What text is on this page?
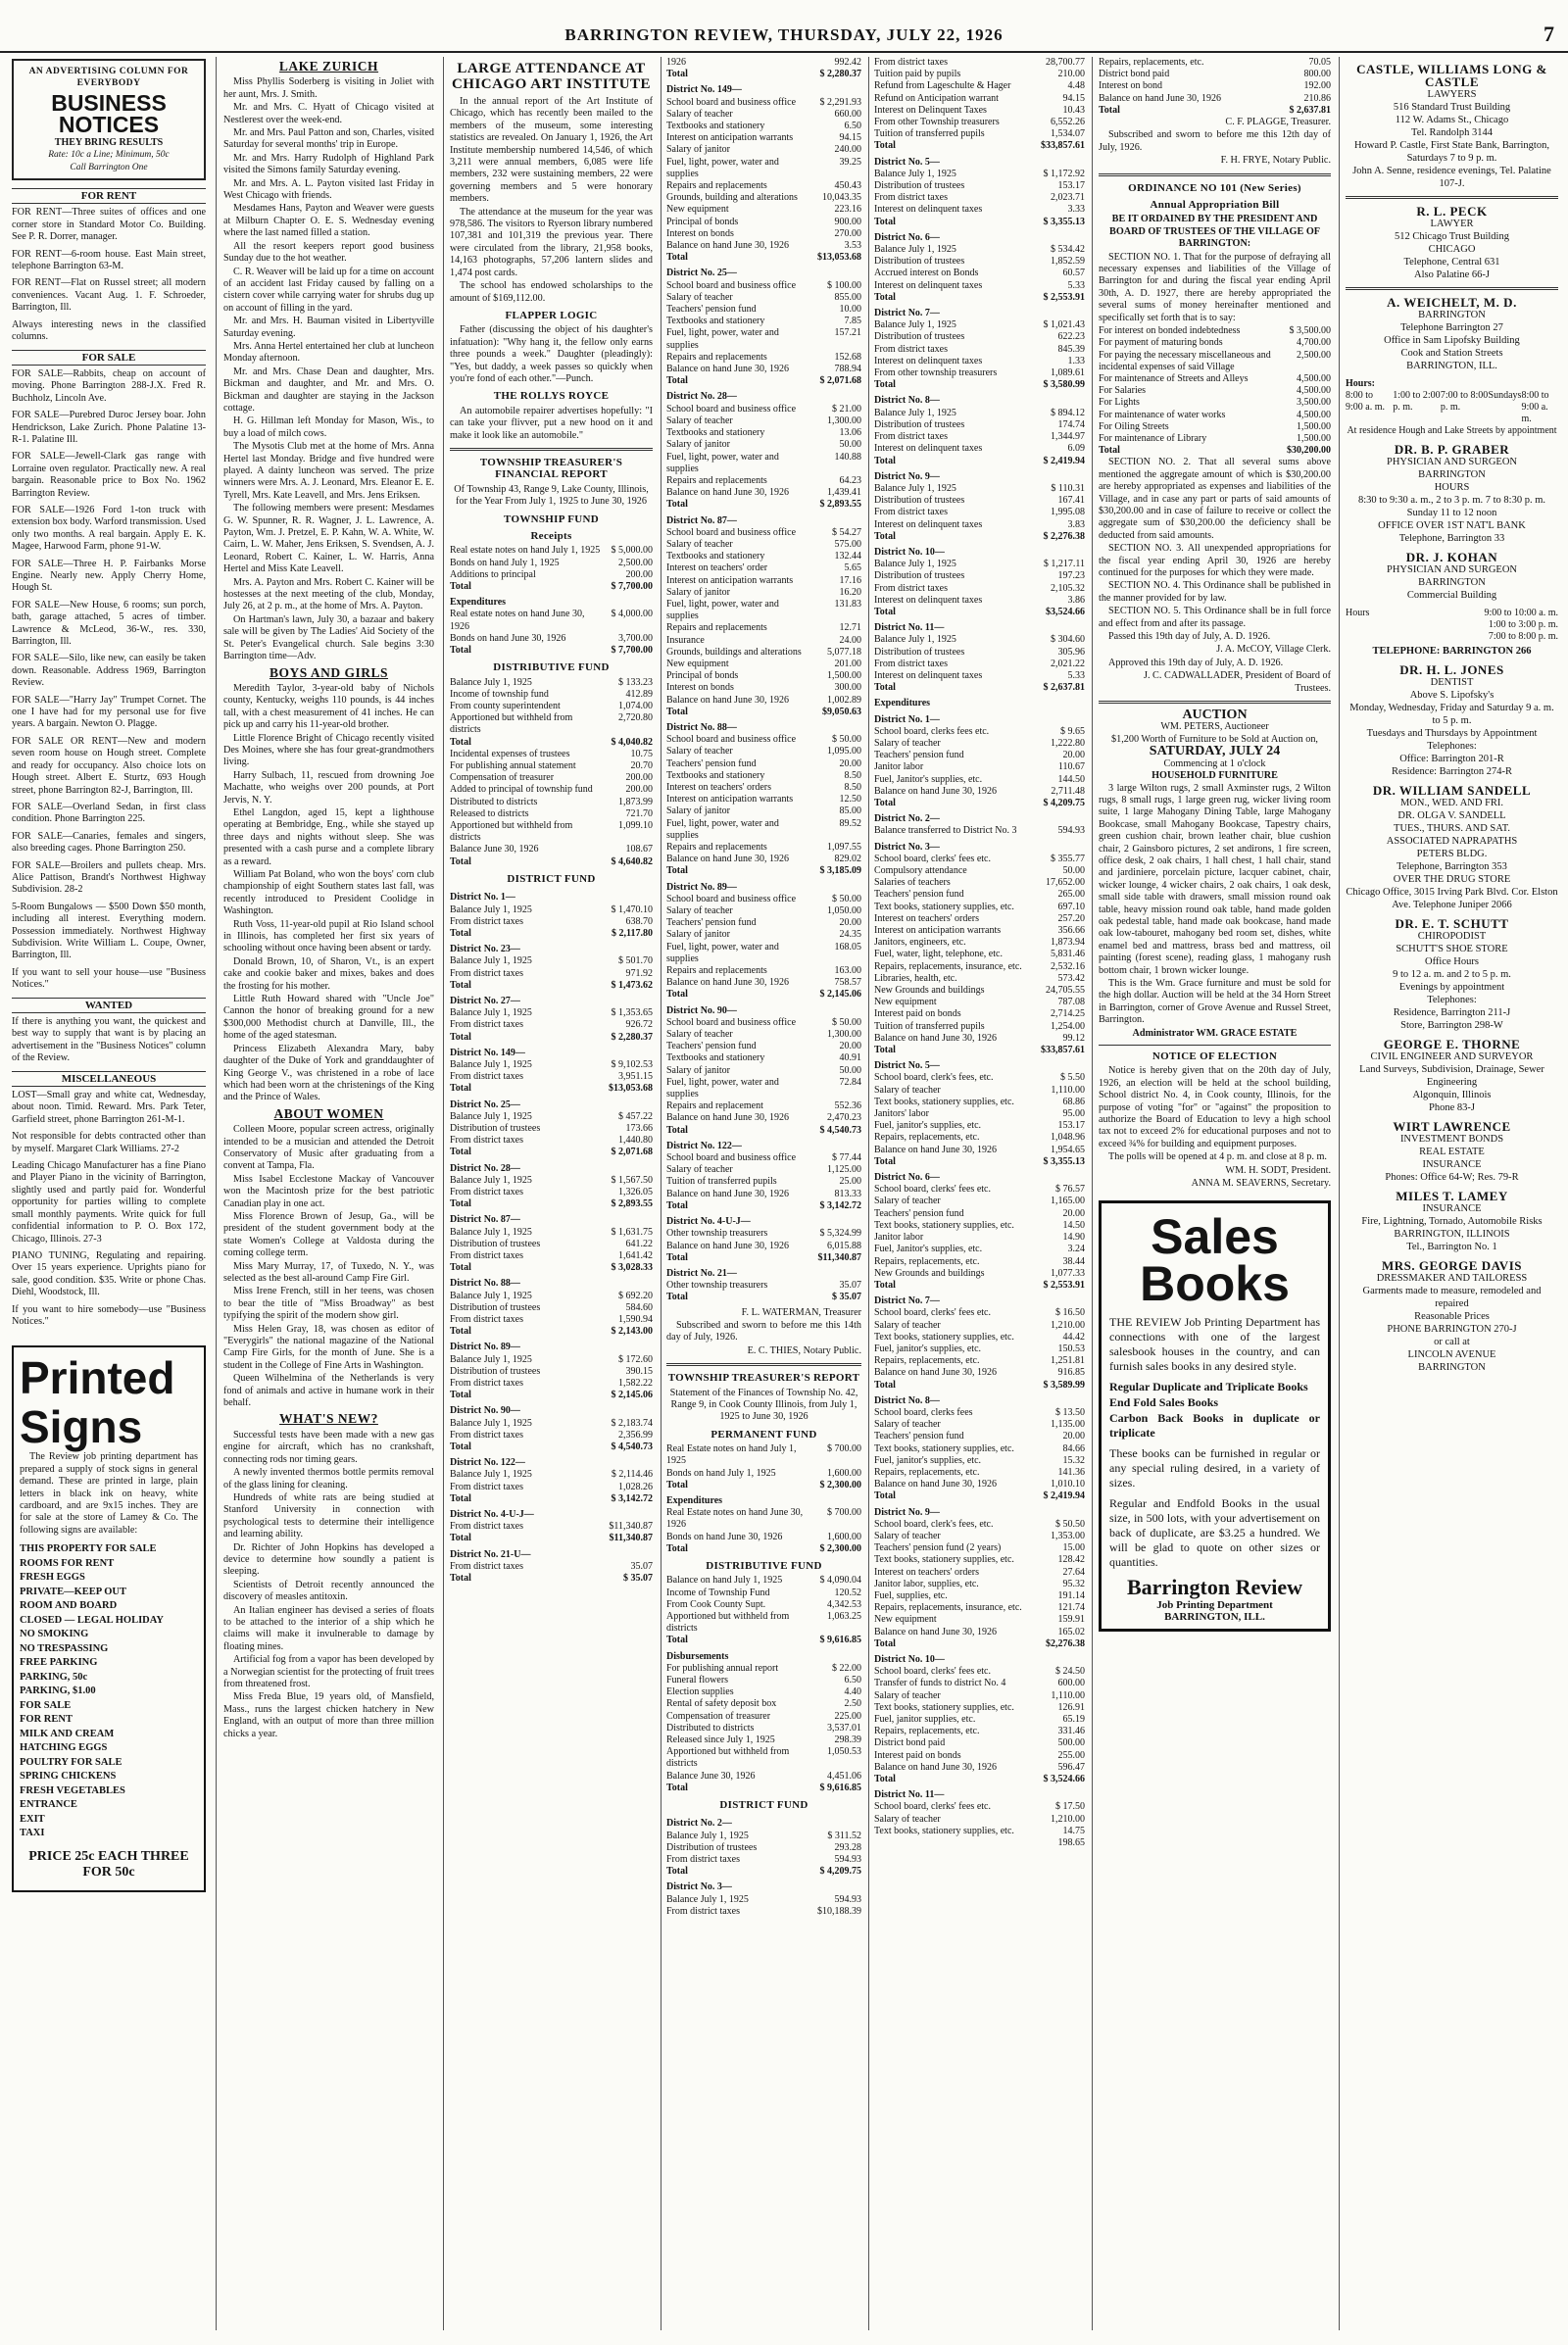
BARRINGTON REVIEW, THURSDAY, JULY 22, 1926	7
AN ADVERTISING COLUMN FOR EVERYBODY
BUSINESS NOTICES
THEY BRING RESULTS
Rate: 10c a Line; Minimum, 50c
Call Barrington One
FOR RENT
FOR RENT—Three suites of offices and one corner store in Standard Motor Co. Building. See P. R. Dorrer, manager.
FOR RENT—6-room house. East Main street, telephone Barrington 63-M.
FOR RENT—Flat on Russel street; all modern conveniences. Vacant Aug. 1. F. Schroeder, Barrington, Ill.
Always interesting news in the classified columns.
FOR SALE
FOR SALE—Rabbits, cheap on account of moving. Phone Barrington 288-J.X. Fred R. Buchholz, Lincoln Ave.
FOR SALE—Purebred Duroc Jersey boar. John Hendrickson, Lake Zurich. Phone Palatine 13-R-1. Palatine Ill.
FOR SALE—Jewell-Clark gas range with Lorraine oven regulator. Practically new. A real bargain. Reasonable price to Box No. 1962 Barrington Review.
FOR SALE—1926 Ford 1-ton truck with extension box body. Warford transmission. Used only two months. A real bargain. Apply E. K. Magee, Harwood Farm, phone 91-W.
FOR SALE—Three H. P. Fairbanks Morse Engine. Nearly new. Apply Cherry Home, Hough St.
FOR SALE—New House, 6 rooms; sun porch, bath, garage attached, 5 acres of timber. Lawrence & McLeod, 36-W., res. 330, Barrington, Ill.
FOR SALE—Silo, like new, can easily be taken down. Reasonable. Address 1969, Barrington Review.
FOR SALE—"Harry Jay" Trumpet Cornet. The one I have had for my personal use for five years. A bargain. Newton O. Plagge.
FOR SALE OR RENT—New and modern seven room house on Hough street. Complete and ready for occupancy. Also choice lots on Hough street. Albert E. Sturtz, 693 Hough street, phone Barrington 82-J, Barrington, Ill.
FOR SALE—Overland Sedan, in first class condition. Phone Barrington 225.
FOR SALE—Canaries, females and singers, also breeding cages. Phone Barrington 250.
FOR SALE—Broilers and pullets cheap. Mrs. Alice Pattison, Brandt's Northwest Highway Subdivision. 28-2
5-Room Bungalows — $500 Down $50 month, including all interest. Everything modern. Possession immediately. Northwest Highway Subdivision. Write William L. Coupe, Owner, Barrington, Ill.
If you want to sell your house—use "Business Notices."
WANTED
If there is anything you want, the quickest and best way to supply that want is by placing an advertisement in the "Business Notices" column of the Review.
MISCELLANEOUS
LOST—Small gray and white cat, Wednesday, about noon. Timid. Reward. Mrs. Park Teter, Garfield street, phone Barrington 261-M-1.
Not responsible for debts contracted other than by myself. Margaret Clark Williams. 27-2
Leading Chicago Manufacturer has a fine Piano and Player Piano in the vicinity of Barrington, slightly used and partly paid for. Wonderful opportunity for parties willing to complete small monthly payments. Write quick for full confidential information to P. O. Box 172, Chicago, Illinois. 27-3
PIANO TUNING, Regulating and repairing. Over 15 years experience. Uprights piano for sale, good condition. $35. Write or phone Chas. Diehl, Woodstock, Ill.
If you want to hire somebody—use "Business Notices."
Printed
Signs

The Review job printing department has prepared a supply of stock signs in general demand. These are printed in large, plain letters in black ink on heavy, white cardboard, and are 9x15 inches. They are for sale at the store of Lamey & Co. The following signs are available:

THIS PROPERTY FOR SALE
ROOMS FOR RENT
FRESH EGGS
PRIVATE—KEEP OUT
ROOM AND BOARD
CLOSED — LEGAL HOLIDAY
NO SMOKING
NO TRESPASSING
FREE PARKING
PARKING, 50c
PARKING, $1.00
FOR SALE
FOR RENT
MILK AND CREAM
HATCHING EGGS
POULTRY FOR SALE
SPRING CHICKENS
FRESH VEGETABLES
ENTRANCE
EXIT
TAXI
PRICE 25c EACH THREE FOR 50c
LAKE ZURICH

Miss Phyllis Soderberg is visiting in Joliet with her aunt, Mrs. J. Smith.

Mr. and Mrs. C. Hyatt of Chicago visited at Nestlerest over the week-end.

Mr. and Mrs. Paul Patton and son, Charles, visited Saturday for several months' trip in Europe.

Mr. and Mrs. Harry Rudolph of Highland Park visited the Simons family Saturday evening.

Mr. and Mrs. A. L. Payton visited last Friday in West Chicago with friends.

Mesdames Hans, Payton and Weaver were guests at Milburn Chapter O. E. S. Wednesday evening where the last named filled a station.

All the resort keepers report good business Sunday due to the hot weather.

C. R. Weaver will be laid up for a time on account of an accident last Friday caused by falling on a cistern cover while carrying water for shrubs dug up on account of filling in the yard.

Mr. and Mrs. H. Bauman visited in Libertyville Saturday evening.

Mrs. Anna Hertel entertained her club at luncheon Monday afternoon.

Mr. and Mrs. Chase Dean and daughter, Mrs. Bickman and daughter, and Mr. and Mrs. O. Bickman and daughter are staying in the Jackson cottage.

H. G. Hillman left Monday for Mason, Wis., to buy a load of milch cows.

The Mysotis Club met at the home of Mrs. Anna Hertel last Monday. Bridge and five hundred were played. A dainty luncheon was served. The prize winners were Mrs. A. J. Leonard, Mrs. Eleanor E. E. Tyrell, Mrs. Kate Leavell, and Mrs. Jens Eriksen.

The following members were present: Mesdames G. W. Spunner, R. R. Wagner, J. L. Lawrence, A. Payton, Wm. J. Pretzel, E. P. Kahn, W. A. White, W. Cairn, L. W. Maher, Jens Eriksen, S. Svendsen, A. J. Leonard, Robert C. Kainer, L. W. Harris, Anna Hertel and Miss Kate Leavell.

Mrs. A. Payton and Mrs. Robert C. Kainer will be hostesses at the next meeting of the club, Monday, July 26, at 2 p. m., at the home of Mrs. A. Payton.

On Hartman's lawn, July 30, a bazaar and bakery sale will be given by The Ladies' Aid Society of the St. Peter's Evangelical church. Sale begins 3:30 Barrington time—Adv.

BOYS AND GIRLS

Meredith Taylor, 3-year-old baby of Nichols county, Kentucky, weighs 110 pounds, is 44 inches tall, with a chest measurement of 41 inches. He can pick up and carry his 11-year-old brother.

Little Florence Bright of Chicago recently visited Des Moines, where she has four great-grandmothers living.

Harry Sulbach, 11, rescued from drowning Joe Machatte, who weighs over 200 pounds, at Port Jervis, N. Y.

Ethel Langdon, aged 15, kept a lighthouse operating at Bembridge, Eng., while she stayed up three days and nights without sleep. She was presented with a cash purse and a complete library as a reward.

William Pat Boland, who won the boys' corn club championship of eight Southern states last fall, was recently introduced to President Coolidge in Washington.

Ruth Voss, 11-year-old pupil at Rio Island school in Illinois, has completed her first six years of schooling without once having been absent or tardy.

Donald Brown, 10, of Sharon, Vt., is an expert cake and cookie baker and mixes, bakes and does the frosting for his mother.

Little Ruth Howard shared with "Uncle Joe" Cannon the honor of breaking ground for a new $300,000 Methodist church at Danville, Ill., the home of the aged statesman.

Princess Elizabeth Alexandra Mary, baby daughter of the Duke of York and granddaughter of King George V., was christened in a robe of lace which had been worn at the christenings of the King and the Prince of Wales.

ABOUT WOMEN

Colleen Moore, popular screen actress, originally intended to be a musician and attended the Detroit Conservatory of Music after graduating from a convent at Tampa, Fla.

Miss Isabel Ecclestone Mackay of Vancouver won the Macintosh prize for the best patriotic Canadian play in one act.

Miss Florence Brown of Jesup, Ga., will be president of the student government body at the state Women's College at Valdosta during the coming college term.

Miss Mary Murray, 17, of Tuxedo, N. Y., was selected as the best all-around Camp Fire Girl.

Miss Irene French, still in her teens, was chosen to bear the title of "Miss Broadway" as best typifying the spirit of the modern show girl.

Miss Helen Gray, 18, was chosen as editor of "Everygirls" the national magazine of the National Camp Fire Girls, for the month of June. She is a student in the College of Fine Arts in Washington.

Queen Wilhelmina of the Netherlands is very fond of animals and active in humane work in their behalf.

WHAT'S NEW?

Successful tests have been made with a new gas engine for aircraft, which has no crankshaft, connecting rods nor timing gears.

A newly invented thermos bottle permits removal of the glass lining for cleaning.

Hundreds of white rats are being studied at Stanford University in connection with psychological tests to determine their intelligence and learning ability.

Dr. Richter of John Hopkins has developed a device to determine how soundly a patient is sleeping.

Scientists of Detroit recently announced the discovery of measles antitoxin.

An Italian engineer has devised a series of floats to be attached to the interior of a ship which he claims will make it invulnerable to damage by floating mines.

Artificial fog from a vapor has been developed by a Norwegian scientist for the protecting of fruit trees from threatened frost.

Miss Freda Blue, 19 years old, of Mansfield, Mass., runs the largest chicken hatchery in New England, with an output of more than three million chicks a year.

LARGE ATTENDANCE AT CHICAGO ART INSTITUTE

In the annual report of the Art Institute of Chicago, which has recently been mailed to the members of the museum, some interesting statistics are revealed. On January 1, 1926, the Art Institute membership numbered 14,546, of which 3,211 were annual members, 6,085 were life members, 232 were sustaining members, 22 were governing members and 5 were honorary members.

The attendance at the museum for the year was 978,586. The visitors to Ryerson library numbered 107,381 and 101,319 the previous year. There were circulated from the library, 21,958 books, 14,163 photographs, 57,206 lantern slides and 1,474 post cards.

The school has endowed scholarships to the amount of $169,112.00.

FLAPPER LOGIC

Father (discussing the object of his daughter's infatuation): "Why hang it, the fellow only earns three pounds a week." Daughter (pleadingly): "Yes, but daddy, a week passes so quickly when you're fond of each other."—Punch.

THE ROLLYS ROYCE

An automobile repairer advertises hopefully: "I can take your flivver, put a new hood on it and make it look like an automobile."

TOWNSHIP TREASURER'S FINANCIAL REPORT

Of Township 43, Range 9, Lake County, Illinois, for the Year From July 1, 1925 to June 30, 1926

TOWNSHIP FUND
Receipts
Real estate notes on hand July 1, 1925	$ 5,000.00
Bonds on hand July 1, 1925	2,500.00
Additions to principal	200.00
Total	$ 7,700.00
Expenditures	
Real estate notes on hand June 30, 1926	$ 4,000.00
Bonds on hand June 30, 1926	3,700.00
Total	$ 7,700.00
DISTRIBUTIVE FUND
Balance July 1, 1925	$ 133.23
Income of township fund	412.89
From county superintendent	1,074.00
Apportioned but withheld from districts	2,720.80
Total	$ 4,040.82
Incidental expenses of trustees	10.75
For publishing annual statement	20.70
Compensation of treasurer	200.00
Added to principal of township fund	200.00
Distributed to districts	1,873.99
Released to districts	721.70
Apportioned but withheld from districts	1,099.10
Balance June 30, 1926	108.67
Total	$ 4,640.82
DISTRICT FUND
District No. 1—	
Balance July 1, 1925	$ 1,470.10
From district taxes	638.70
Total	$ 2,117.80
District No. 23—	
Balance July 1, 1925	$ 501.70
From district taxes	971.92
Total	$ 1,473.62
District No. 27—	
Balance July 1, 1925	$ 1,353.65
From district taxes	926.72
Total	$ 2,280.37
District No. 149—	
Balance July 1, 1925	$ 9,102.53
From district taxes	3,951.15
Total	$13,053.68
District No. 25—	
Balance July 1, 1925	$ 457.22
Distribution of trustees	173.66
From district taxes	1,440.80
Total	$ 2,071.68
District No. 28—	
Balance July 1, 1925	$ 1,567.50
From district taxes	1,326.05
Total	$ 2,893.55
District No. 87—	
Balance July 1, 1925	$ 1,631.75
Distribution of trustees	641.22
From district taxes	1,641.42
Total	$ 3,028.33
District No. 88—	
Balance July 1, 1925	$ 692.20
Distribution of trustees	584.60
From district taxes	1,590.94
Total	$ 2,143.00
District No. 89—	
Balance July 1, 1925	$ 172.60
Distribution of trustees	390.15
From district taxes	1,582.22
Total	$ 2,145.06
District No. 90—	
Balance July 1, 1925	$ 2,183.74
From district taxes	2,356.99
Total	$ 4,540.73
District No. 122—	
Balance July 1, 1925	$ 2,114.46
From district taxes	1,028.26
Total	$ 3,142.72
District No. 4-U-J—	
From district taxes	$11,340.87
Total	$11,340.87
District No. 21-U—	
From district taxes	35.07
Total	$ 35.07
1926	992.42
Total	$ 2,280.37
District No. 149—	
School board and business office	$ 2,291.93
Salary of teacher	660.00
Textbooks and stationery	6.50
Interest on anticipation warrants	94.15
Salary of janitor	240.00
Fuel, light, power, water and supplies	39.25
Repairs and replacements	450.43
Grounds, building and alterations	10,043.35
New equipment	223.16
Principal of bonds	900.00
Interest on bonds	270.00
Balance on hand June 30, 1926	3.53
Total	$13,053.68
District No. 25—	
School board and business office	$ 100.00
Salary of teacher	855.00
Teachers' pension fund	10.00
Textbooks and stationery	7.85
Fuel, light, power, water and supplies	157.21
Repairs and replacements	152.68
Balance on hand June 30, 1926	788.94
Total	$ 2,071.68
District No. 28—	
School board and business office	$ 21.00
Salary of teacher	1,300.00
Textbooks and stationery	13.06
Salary of janitor	50.00
Fuel, light, power, water and supplies	140.88
Repairs and replacements	64.23
Balance on hand June 30, 1926	1,439.41
Total	$ 2,893.55
District No. 87—	
School board and business office	$ 54.27
Salary of teacher	575.00
Textbooks and stationery	132.44
Interest on teachers' order	5.65
Interest on anticipation warrants	17.16
Salary of janitor	16.20
Fuel, light, power, water and supplies	131.83
Repairs and replacements	12.71
Insurance	24.00
Grounds, buildings and alterations	5,077.18
New equipment	201.00
Principal of bonds	1,500.00
Interest on bonds	300.00
Balance on hand June 30, 1926	1,002.89
Total	$9,050.63
District No. 88—	
School board and business office	$ 50.00
Salary of teacher	1,095.00
Teachers' pension fund	20.00
Textbooks and stationery	8.50
Interest on teachers' orders	8.50
Interest on anticipation warrants	12.50
Salary of janitor	85.00
Fuel, light, power, water and supplies	89.52
Repairs and replacements	1,097.55
Balance on hand June 30, 1926	829.02
Total	$ 3,185.09
District No. 89—	
School board and business office	$ 50.00
Salary of teacher	1,050.00
Teachers' pension fund	20.00
Salary of janitor	24.35
Fuel, light, power, water and supplies	168.05
Repairs and replacements	163.00
Balance on hand June 30, 1926	758.57
Total	$ 2,145.06
District No. 90—	
School board and business office	$ 50.00
Salary of teacher	1,300.00
Teachers' pension fund	20.00
Textbooks and stationery	40.91
Salary of janitor	50.00
Fuel, light, power, water and supplies	72.84
Repairs and replacement	552.36
Balance on hand June 30, 1926	2,470.23
Total	$ 4,540.73
District No. 122—	
School board and business office	$ 77.44
Salary of teacher	1,125.00
Tuition of transferred pupils	25.00
Balance on hand June 30, 1926	813.33
Total	$ 3,142.72
District No. 4-U-J—	
Other township treasurers	$ 5,324.99
Balance on hand June 30, 1926	6,015.88
Total	$11,340.87
District No. 21—	
Other township treasurers	35.07
Total	$ 35.07

F. L. WATERMAN, Treasurer

Subscribed and sworn to before me this 14th day of July, 1926.

E. C. THIES, Notary Public.

TOWNSHIP TREASURER'S REPORT

Statement of the Finances of Township No. 42, Range 9, in Cook County Illinois, from July 1, 1925 to June 30, 1926

PERMANENT FUND
Real Estate notes on hand July 1, 1925	$ 700.00
Bonds on hand July 1, 1925	1,600.00
Total	$ 2,300.00
Expenditures	
Real Estate notes on hand June 30, 1926	$ 700.00
Bonds on hand June 30, 1926	1,600.00
Total	$ 2,300.00
DISTRIBUTIVE FUND
Balance on hand July 1, 1925	$ 4,090.04
Income of Township Fund	120.52
From Cook County Supt.	4,342.53
Apportioned but withheld from districts	1,063.25
Total	$ 9,616.85
Disbursements	
For publishing annual report	$ 22.00
Funeral flowers	6.50
Election supplies	4.40
Rental of safety deposit box	2.50
Compensation of treasurer	225.00
Distributed to districts	3,537.01
Released since July 1, 1925	298.39
Apportioned but withheld from districts	1,050.53
Balance June 30, 1926	4,451.06
Total	$ 9,616.85
DISTRICT FUND
District No. 2—	
Balance July 1, 1925	$ 311.52
Distribution of trustees	293.28
From district taxes	594.93
Total	$ 4,209.75
District No. 3—	
Balance July 1, 1925	594.93
From district taxes	$10,188.39
From district taxes	28,700.77
Tuition paid by pupils	210.00
Refund from Lageschulte & Hager	4.48
Refund on Anticipation warrant	94.15
Interest on Delinquent Taxes	10.43
From other Township treasurers	6,552.26
Tuition of transferred pupils	1,534.07
Total	$33,857.61
District No. 5—	
Balance July 1, 1925	$ 1,172.92
Distribution of trustees	153.17
From district taxes	2,023.71
Interest on delinquent taxes	3.33
Total	$ 3,355.13
District No. 6—	
Balance July 1, 1925	$ 534.42
Distribution of trustees	1,852.59
Accrued interest on Bonds	60.57
Interest on delinquent taxes	5.33
Total	$ 2,553.91
District No. 7—	
Balance July 1, 1925	$ 1,021.43
Distribution of trustees	622.23
From district taxes	845.39
Interest on delinquent taxes	1.33
From other township treasurers	1,089.61
Total	$ 3,580.99
District No. 8—	
Balance July 1, 1925	$ 894.12
Distribution of trustees	174.74
From district taxes	1,344.97
Interest on delinquent taxes	6.09
Total	$ 2,419.94
District No. 9—	
Balance July 1, 1925	$ 110.31
Distribution of trustees	167.41
From district taxes	1,995.08
Interest on delinquent taxes	3.83
Total	$ 2,276.38
District No. 10—	
Balance July 1, 1925	$ 1,217.11
Distribution of trustees	197.23
From district taxes	2,105.32
Interest on delinquent taxes	3.86
Total	$3,524.66
District No. 11—	
Balance July 1, 1925	$ 304.60
Distribution of trustees	305.96
From district taxes	2,021.22
Interest on delinquent taxes	5.33
Total	$ 2,637.81
Expenditures	
District No. 1—	
School board, clerks fees etc.	$ 9.65
Salary of teacher	1,222.80
Teachers' pension fund	20.00
Janitor labor	110.67
Fuel, Janitor's supplies, etc.	144.50
Balance on hand June 30, 1926	2,711.48
Total	$ 4,209.75
District No. 2—	
Balance transferred to District No. 3	594.93
District No. 3—	
School board, clerks' fees etc.	$ 355.77
Compulsory attendance	50.00
Salaries of teachers	17,652.00
Teachers' pension fund	265.00
Text books, stationery supplies, etc.	697.10
Interest on teachers' orders	257.20
Interest on anticipation warrants	356.66
Janitors, engineers, etc.	1,873.94
Fuel, water, light, telephone, etc.	5,831.46
Repairs, replacements, insurance, etc.	2,532.16
Libraries, health, etc.	573.42
New Grounds and buildings	24,705.55
New equipment	787.08
Interest paid on bonds	2,714.25
Tuition of transferred pupils	1,254.00
Balance on hand June 30, 1926	99.12
Total	$33,857.61
District No. 5—	
School board, clerk's fees, etc.	$ 5.50
Salary of teacher	1,110.00
Text books, stationery supplies, etc.	68.86
Janitors' labor	95.00
Fuel, janitor's supplies, etc.	153.17
Repairs, replacements, etc.	1,048.96
Balance on hand June 30, 1926	1,954.65
Total	$ 3,355.13
District No. 6—	
School board, clerks' fees etc.	$ 76.57
Salary of teacher	1,165.00
Teachers' pension fund	20.00
Text books, stationery supplies, etc.	14.50
Janitor labor	14.90
Fuel, Janitor's supplies, etc.	3.24
Repairs, replacements, etc.	38.44
New Grounds and buildings	1,077.33
Total	$ 2,553.91
District No. 7—	
School board, clerks' fees etc.	$ 16.50
Salary of teacher	1,210.00
Text books, stationery supplies, etc.	44.42
Fuel, janitor's supplies, etc.	150.53
Repairs, replacements, etc.	1,251.81
Balance on hand June 30, 1926	916.85
Total	$ 3,589.99
District No. 8—	
School board, clerks fees	$ 13.50
Salary of teacher	1,135.00
Teachers' pension fund	20.00
Text books, stationery supplies, etc.	84.66
Fuel, janitor's supplies, etc.	15.32
Repairs, replacements, etc.	141.36
Balance on hand June 30, 1926	1,010.10
Total	$ 2,419.94
District No. 9—	
School board, clerk's fees, etc.	$ 50.50
Salary of teacher	1,353.00
Teachers' pension fund (2 years)	15.00
Text books, stationery supplies, etc.	128.42
Interest on teachers' orders	27.64
Janitor labor, supplies, etc.	95.32
Fuel, supplies, etc.	191.14
Repairs, replacements, insurance, etc.	121.74
New equipment	159.91
Balance on hand June 30, 1926	165.02
Total	$2,276.38
District No. 10—	
School board, clerks' fees etc.	$ 24.50
Transfer of funds to district No. 4	600.00
Salary of teacher	1,110.00
Text books, stationery supplies, etc.	126.91
Fuel, janitor supplies, etc.	65.19
Repairs, replacements, etc.	331.46
District bond paid	500.00
Interest paid on bonds	255.00
Balance on hand June 30, 1926	596.47
Total	$ 3,524.66
District No. 11—	
School board, clerks' fees etc.	$ 17.50
Salary of teacher	1,210.00
Text books, stationery supplies, etc.	14.75
	198.65
Repairs, replacements, etc.	70.05
District bond paid	800.00
Interest on bond	192.00
Balance on hand June 30, 1926	210.86
Total	$ 2,637.81

C. F. PLAGGE, Treasurer.

Subscribed and sworn to before me this 12th day of July, 1926.

F. H. FRYE, Notary Public.

ORDINANCE NO 101 (New Series)
Annual Appropriation Bill

BE IT ORDAINED BY THE PRESIDENT AND BOARD OF TRUSTEES OF THE VILLAGE OF BARRINGTON:

SECTION NO. 1. That for the purpose of defraying all necessary expenses and liabilities of the Village of Barrington for and during the fiscal year ending April 30th, A. D. 1927, there are hereby appropriated the several sums of money hereinafter mentioned and specifically set forth that is to say:

For interest on bonded indebtedness	$ 3,500.00
For payment of maturing bonds	4,700.00
For paying the necessary miscellaneous and incidental expenses of said Village	2,500.00
For maintenance of Streets and Alleys	4,500.00
For Salaries	4,500.00
For Lights	3,500.00
For maintenance of water works	4,500.00
For Oiling Streets	1,500.00
For maintenance of Library	1,500.00
Total	$30,200.00

SECTION NO. 2. That all several sums above mentioned the aggregate amount of which is $30,200.00 are hereby appropriated as expenses and liabilities of the Village, and in case any part or parts of said amounts of $30,200.00 and in case of failure to receive or collect the aggregate sum of $30,200.00 the deficiency shall be deducted from said amounts.

SECTION NO. 3. All unexpended appropriations for the fiscal year ending April 30, 1926 are hereby continued for the purposes for which they were made.

SECTION NO. 4. This Ordinance shall be published in the manner provided for by law.

SECTION NO. 5. This Ordinance shall be in full force and effect from and after its passage.

Passed this 19th day of July, A. D. 1926.

J. A. McCOY, Village Clerk.

Approved this 19th day of July, A. D. 1926.

J. C. CADWALLADER, President of Board of Trustees.

AUCTION
WM. PETERS, Auctioneer
$1,200 Worth of Furniture to be Sold at Auction on,
SATURDAY, JULY 24
Commencing at 1 o'clock
HOUSEHOLD FURNITURE

3 large Wilton rugs, 2 small Axminster rugs, 2 Wilton rugs, 8 small rugs, 1 large green rug, wicker living room suite, 1 large Mahogany Dining Table, large Mahogany Bookcase, small Mahogany Bookcase, Tapestry chairs, green cushion chair, brown leather chair, blue cushion chair, 2 Gainsboro pictures, 2 set andirons, 1 fire screen, office desk, 2 oak chairs, 1 hall chest, 1 hall chair, stand and jardiniere, porcelain picture, lacquer cabinet, chair, wicker lounge, 4 wicker chairs, 2 oak chairs, 1 oak desk, small side table with drawers, small mission round oak table, heavy mission round oak table, hand made golden oak pedestal table, hand made oak bookcase, hand made oak low-tabouret, mahogany bed room set, dishes, white enamel bed and mattress, brass bed and mattress, oil painting (forest scene), reading glass, 1 mahogany rush bottom chair, 1 brown wicker lounge.

This is the Wm. Grace furniture and must be sold for the high dollar. Auction will be held at the 34 Horn Street in Barrington, corner of Grove Avenue and Russel Street, Barrington.

Administrator WM. GRACE ESTATE

NOTICE OF ELECTION

Notice is hereby given that on the 20th day of July, 1926, an election will be held at the school building, School district No. 4, in Cook county, Illinois, for the purpose of voting "for" or "against" the proposition to authorize the Board of Education to levy a high school tax not to exceed 2% for educational purposes and not to exceed ¾% for building and equipment purposes.

The polls will be opened at 4 p. m. and close at 8 p. m.

WM. H. SODT, President.

ANNA M. SEAVERNS, Secretary.

Sales
Books

THE REVIEW Job Printing Department has connections with one of the largest salesbook houses in the country, and can furnish sales books in any desired style.

Regular Duplicate and Triplicate Books

End Fold Sales Books

Carbon Back Books in duplicate or triplicate

These books can be furnished in regular or any special ruling desired, in a variety of sizes.

Regular and Endfold Books in the usual size, in 500 lots, with your advertisement on back of duplicate, are $3.25 a hundred. We will be glad to quote on other sizes or quantities.

Barrington Review
Job Printing Department
BARRINGTON, ILL.
CASTLE, WILLIAMS LONG & CASTLE
LAWYERS
516 Standard Trust Building
112 W. Adams St., Chicago
Tel. Randolph 3144
Howard P. Castle, First State Bank, Barrington, Saturdays 7 to 9 p. m.
John A. Senne, residence evenings, Tel. Palatine 107-J.
R. L. PECK
LAWYER
512 Chicago Trust Building
CHICAGO
Telephone, Central 631
Also Palatine 66-J
A. WEICHELT, M. D.
BARRINGTON
Telephone Barrington 27
Office in Sam Lipofsky Building
Cook and Station Streets
BARRINGTON, ILL.
Hours:
8:00 to 9:00 a. m.
1:00 to 2:00 p. m.
7:00 to 8:00 p. m.
Sundays 8:00 to 9:00 a. m.
At residence Hough and Lake Streets by appointment
DR. B. P. GRABER
PHYSICIAN AND SURGEON
BARRINGTON
HOURS
8:30 to 9:30 a. m., 2 to 3 p. m. 7 to 8:30 p. m.
Sunday 11 to 12 noon
OFFICE OVER 1ST NAT'L BANK
Telephone, Barrington 33
DR. J. KOHAN
PHYSICIAN AND SURGEON
BARRINGTON
Commercial Building
Hours	9:00 to 10:00 a. m.
1:00 to 3:00 p. m.
7:00 to 8:00 p. m.
TELEPHONE: BARRINGTON 266
DR. H. L. JONES
DENTIST
Above S. Lipofsky's
Monday, Wednesday, Friday and Saturday 9 a. m. to 5 p. m.
Tuesdays and Thursdays by Appointment
Telephones:
Office: Barrington 201-R
Residence: Barrington 274-R
DR. WILLIAM SANDELL
MON., WED. AND FRI.
DR. OLGA V. SANDELL
TUES., THURS. AND SAT.
ASSOCIATED NAPRAPATHS
PETERS BLDG.
Telephone, Barrington 353
OVER THE DRUG STORE
Chicago Office, 3015 Irving Park Blvd. Cor. Elston Ave. Telephone Juniper 2066
DR. E. T. SCHUTT
CHIROPODIST
SCHUTT'S SHOE STORE
Office Hours
9 to 12 a. m. and 2 to 5 p. m.
Evenings by appointment
Telephones:
Residence, Barrington 211-J
Store, Barrington 298-W
GEORGE E. THORNE
CIVIL ENGINEER AND SURVEYOR
Land Surveys, Subdivision, Drainage, Sewer Engineering
Algonquin, Illinois
Phone 83-J
WIRT LAWRENCE
INVESTMENT BONDS
REAL ESTATE
INSURANCE
Phones: Office 64-W; Res. 79-R
MILES T. LAMEY
INSURANCE
Fire, Lightning, Tornado, Automobile Risks
BARRINGTON, ILLINOIS
Tel., Barrington No. 1
MRS. GEORGE DAVIS
DRESSMAKER AND TAILORESS
Garments made to measure, remodeled and repaired
Reasonable Prices
PHONE BARRINGTON 270-J
or call at
LINCOLN AVENUE
BARRINGTON
